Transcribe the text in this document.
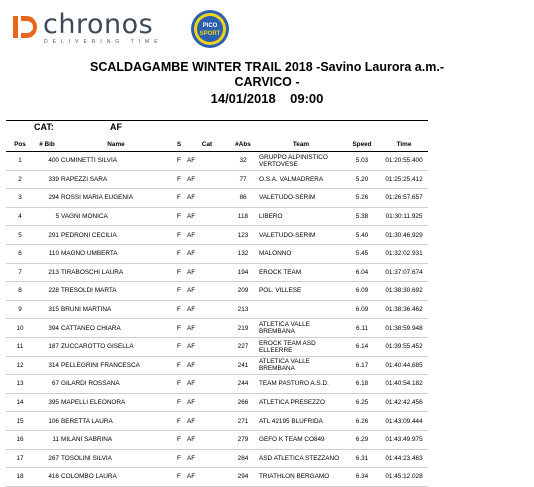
chronos
DELIVERING TIME
PICO
SPORT
SCALDAGAMBE WINTER TRAIL 2018 -Savino Laurora a.m.-
CARVICO -
14/01/2018 09:00
CAT:	AF
Pos	# Bib	Name	S	Cat	#Abs	Team	Speed	Time
1	400	CUMINETTI SILVIA	F	AF	32	GRUPPO ALPINISTICO VERTOVESE	5.03	01:20:55.400
2	339	RAPEZZI SARA	F	AF	77	O.S.A. VALMADRERA	5.20	01:25:25.412
3	294	ROSSI MARIA EUGENIA	F	AF	86	VALETUDO-SERIM	5.26	01:26:57.657
4	5	VAGNI MONICA	F	AF	118	LIBERO	5.38	01:30:11.925
5	291	PEDRONI CECILIA	F	AF	123	VALETUDO-SERIM	5.40	01:30:46.929
6	110	MAGNO UMBERTA	F	AF	132	MALONNO	5.45	01:32:02.931
7	213	TIRABOSCHI LAURA	F	AF	194	EROCK TEAM	6.04	01:37:07.674
8	228	TRESOLDI MARTA	F	AF	209	POL. VILLESE	6.09	01:38:30.692
9	315	BRUNI MARTINA	F	AF	213		6.09	01:38:36.462
10	394	CATTANEO CHIARA	F	AF	219	ATLETICA VALLE BREMBANA	6.11	01:38:59.948
11	187	ZUCCAROTTO GISELLA	F	AF	227	EROCK TEAM ASD ELLEERRE	6.14	01:39:55.452
12	314	PELLEGRINI FRANCESCA	F	AF	241	ATLETICA VALLE BREMBANA	6.17	01:40:44.685
13	67	GILARDI ROSSANA	F	AF	244	TEAM PASTURO A.S.D.	6.18	01:40:54.182
14	395	MAPELLI ELEONORA	F	AF	266	ATLETICA PRESEZZO	6.25	01:42:42.456
15	106	BERETTA LAURA	F	AF	271	ATL 42195 BLUFRIDA	6.26	01:43:09.444
16	11	MILANI SABRINA	F	AF	279	GEFO K TEAM CO849	6.29	01:43:49.975
17	267	TOSOLINI SILVIA	F	AF	284	ASD ATLETICA STEZZANO	6.31	01:44:23.463
18	416	COLOMBO LAURA	F	AF	294	TRIATHLON BERGAMO	6.34	01:45:12.028
